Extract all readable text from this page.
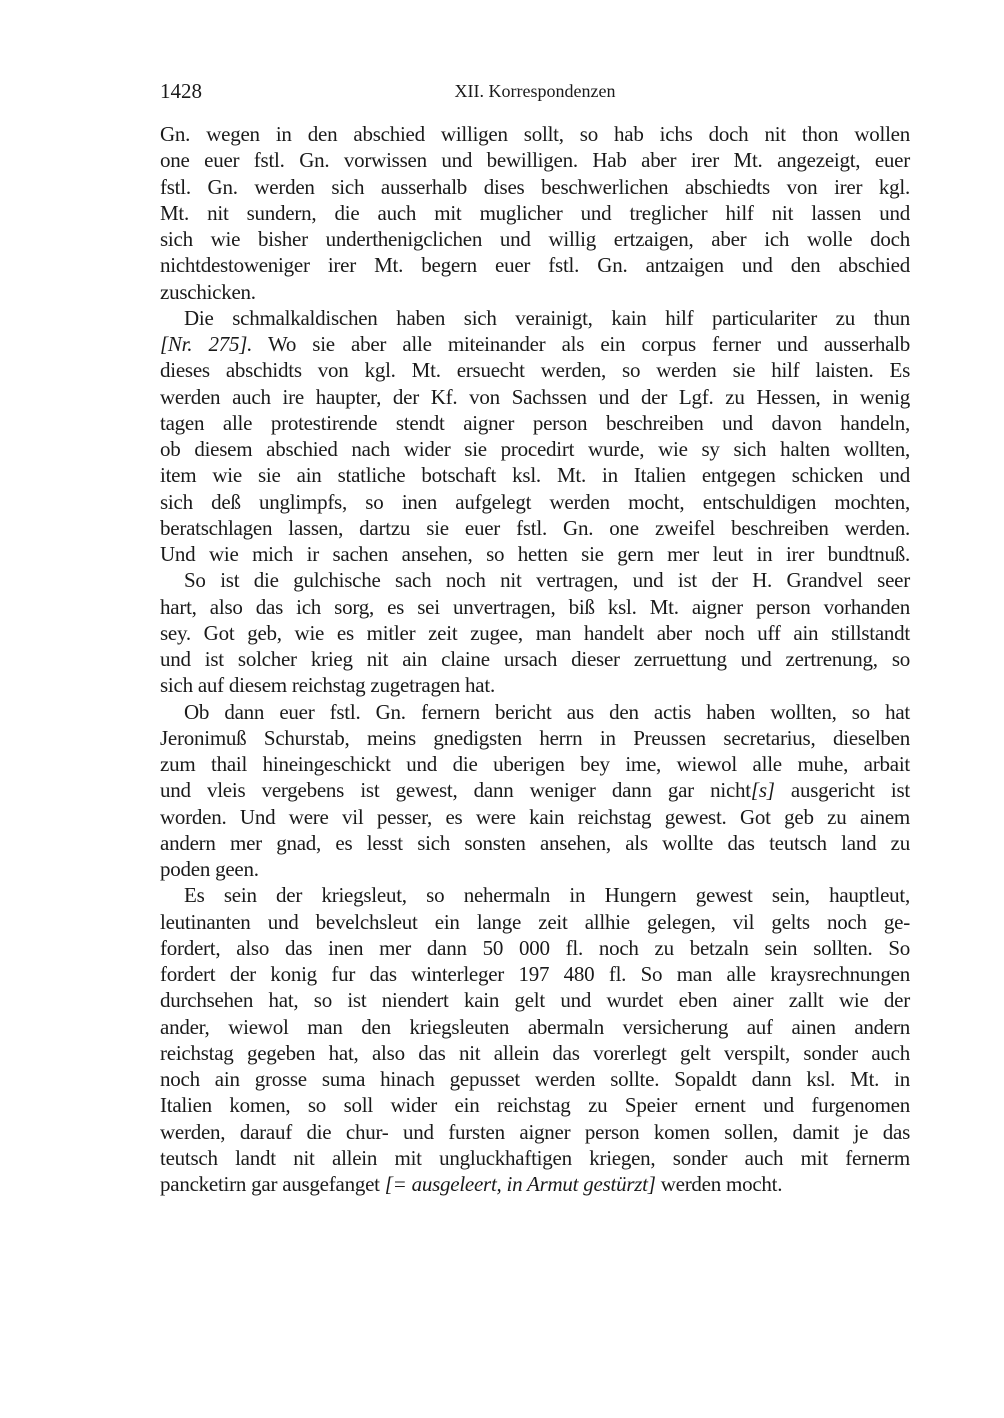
1428	XII. Korrespondenzen
Gn. wegen in den abschied willigen sollt, so hab ichs doch nit thon wollen
one euer fstl. Gn. vorwissen und bewilligen. Hab aber irer Mt. angezeigt, euer
fstl. Gn. werden sich ausserhalb dises beschwerlichen abschiedts von irer kgl.
Mt. nit sundern, die auch mit muglicher und treglicher hilf nit lassen und
sich wie bisher underthenigclichen und willig ertzaigen, aber ich wolle doch
nichtdestoweniger irer Mt. begern euer fstl. Gn. antzaigen und den abschied
zuschicken.
Die schmalkaldischen haben sich verainigt, kain hilf particulariter zu thun
[Nr. 275]. Wo sie aber alle miteinander als ein corpus ferner und ausserhalb
dieses abschidts von kgl. Mt. ersuecht werden, so werden sie hilf laisten. Es
werden auch ire haupter, der Kf. von Sachssen und der Lgf. zu Hessen, in wenig
tagen alle protestirende stendt aigner person beschreiben und davon handeln,
ob diesem abschied nach wider sie procedirt wurde, wie sy sich halten wollten,
item wie sie ain statliche botschaft ksl. Mt. in Italien entgegen schicken und
sich deß unglimpfs, so inen aufgelegt werden mocht, entschuldigen mochten,
beratschlagen lassen, dartzu sie euer fstl. Gn. one zweifel beschreiben werden.
Und wie mich ir sachen ansehen, so hetten sie gern mer leut in irer bundtnuß.
So ist die gulchische sach noch nit vertragen, und ist der H. Grandvel seer
hart, also das ich sorg, es sei unvertragen, biß ksl. Mt. aigner person vorhanden
sey. Got geb, wie es mitler zeit zugee, man handelt aber noch uff ain stillstandt
und ist solcher krieg nit ain claine ursach dieser zerruettung und zertrenung, so
sich auf diesem reichstag zugetragen hat.
Ob dann euer fstl. Gn. fernern bericht aus den actis haben wollten, so hat
Jeronimuß Schurstab, meins gnedigsten herrn in Preussen secretarius, dieselben
zum thail hineingeschickt und die uberigen bey ime, wiewol alle muhe, arbait
und vleis vergebens ist gewest, dann weniger dann gar nicht[s] ausgericht ist
worden. Und were vil pesser, es were kain reichstag gewest. Got geb zu ainem
andern mer gnad, es lesst sich sonsten ansehen, als wollte das teutsch land zu
poden geen.
Es sein der kriegsleut, so nehermaln in Hungern gewest sein, hauptleut,
leutinanten und bevelchsleut ein lange zeit allhie gelegen, vil gelts noch ge-
fordert, also das inen mer dann 50 000 fl. noch zu betzaln sein sollten. So
fordert der konig fur das winterleger 197 480 fl. So man alle kraysrechnungen
durchsehen hat, so ist niendert kain gelt und wurdet eben ainer zallt wie der
ander, wiewol man den kriegsleuten abermaln versicherung auf ainen andern
reichstag gegeben hat, also das nit allein das vorerlegt gelt verspilt, sonder auch
noch ain grosse suma hinach gepusset werden sollte. Sopaldt dann ksl. Mt. in
Italien komen, so soll wider ein reichstag zu Speier ernent und furgenomen
werden, darauf die chur- und fursten aigner person komen sollen, damit je das
teutsch landt nit allein mit ungluckhaftigen kriegen, sonder auch mit fernerm
pancketirn gar ausgefanget [= ausgeleert, in Armut gestürzt] werden mocht.
